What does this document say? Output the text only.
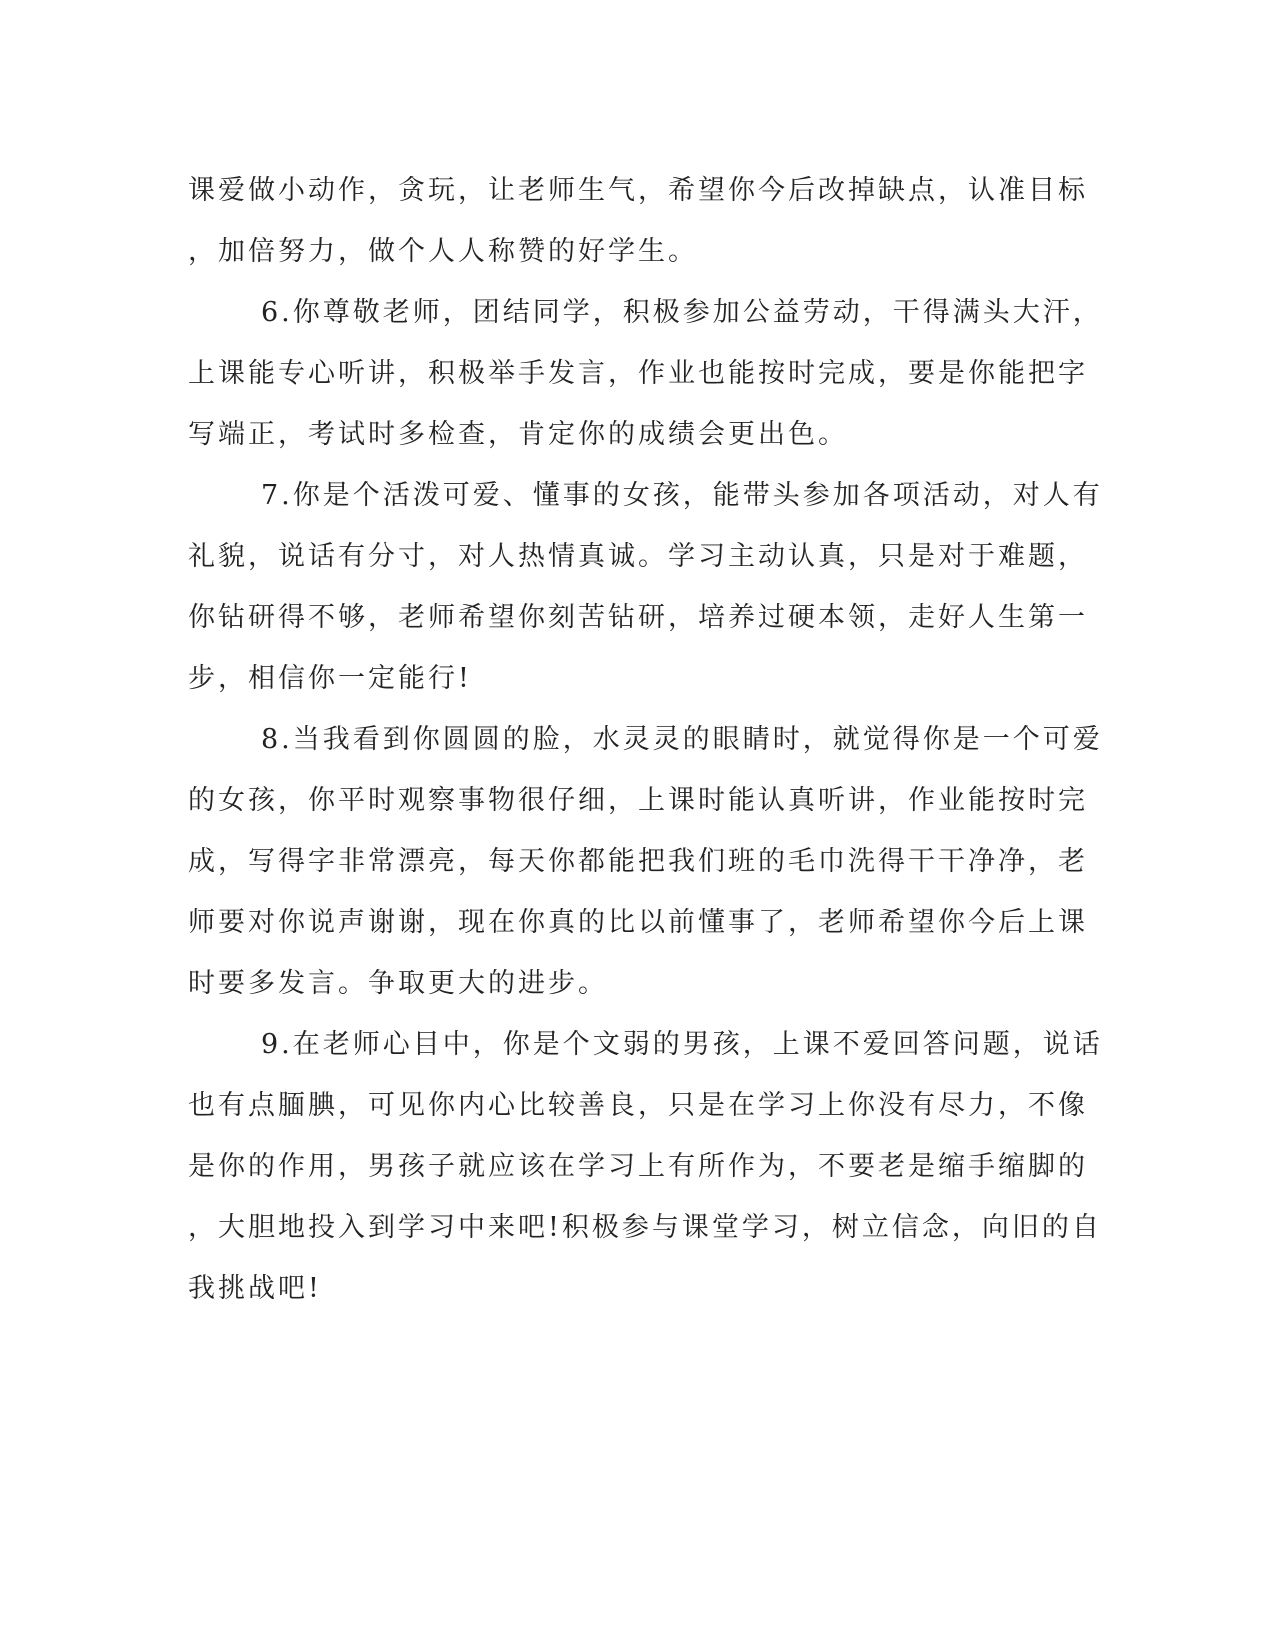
课爱做小动作，贪玩，让老师生气，希望你今后改掉缺点，认准目标
，加倍努力，做个人人称赞的好学生。
6.你尊敬老师，团结同学，积极参加公益劳动，干得满头大汗，
上课能专心听讲，积极举手发言，作业也能按时完成，要是你能把字
写端正，考试时多检查，肯定你的成绩会更出色。
7.你是个活泼可爱、懂事的女孩，能带头参加各项活动，对人有
礼貌，说话有分寸，对人热情真诚。学习主动认真，只是对于难题，
你钻研得不够，老师希望你刻苦钻研，培养过硬本领，走好人生第一
步，相信你一定能行!
8.当我看到你圆圆的脸，水灵灵的眼睛时，就觉得你是一个可爱
的女孩，你平时观察事物很仔细，上课时能认真听讲，作业能按时完
成，写得字非常漂亮，每天你都能把我们班的毛巾洗得干干净净，老
师要对你说声谢谢，现在你真的比以前懂事了，老师希望你今后上课
时要多发言。争取更大的进步。
9.在老师心目中，你是个文弱的男孩，上课不爱回答问题，说话
也有点腼腆，可见你内心比较善良，只是在学习上你没有尽力，不像
是你的作用，男孩子就应该在学习上有所作为，不要老是缩手缩脚的
，大胆地投入到学习中来吧!积极参与课堂学习，树立信念，向旧的自
我挑战吧!
